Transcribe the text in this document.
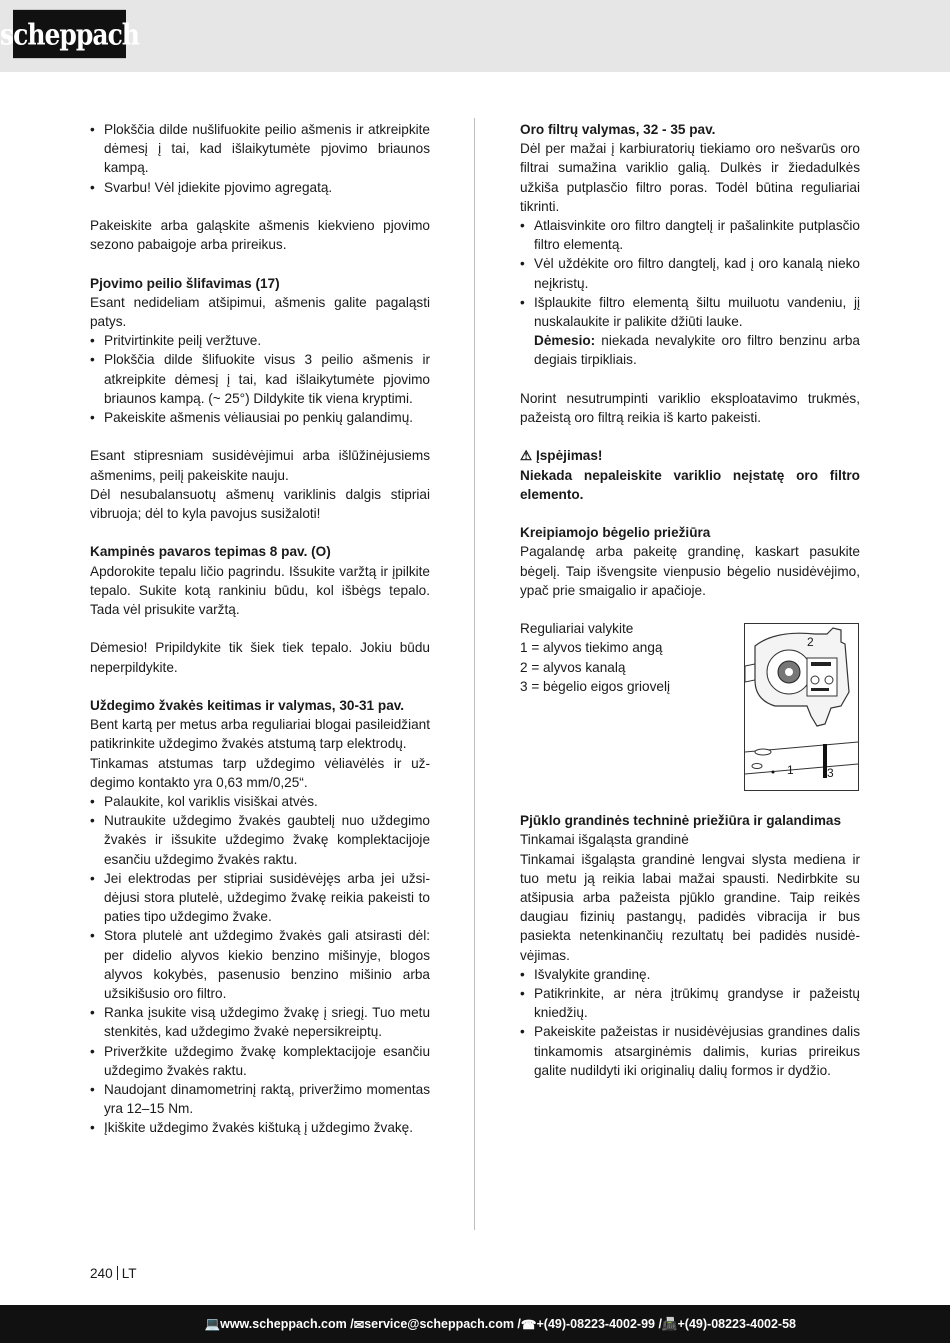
scheppach
• Plokščia dilde nušlifuokite peilio ašmenis ir atkreipkite dėmesį į tai, kad išlaikytumėte pjovimo briaunos kampą.
• Svarbu! Vėl įdiekite pjovimo agregatą.

Pakeiskite arba galąskite ašmenis kiekvieno pjovimo sezono pabaigoje arba prireikus.

Pjovimo peilio šlifavimas (17)

Esant nedideliam atšipimui, ašmenis galite pagaląsti patys.

• Pritvirtinkite peilį veržtuve.
• Plokščia dilde šlifuokite visus 3 peilio ašmenis ir atkreipkite dėmesį į tai, kad išlaikytumėte pjovimo briaunos kampą. (~ 25°) Dildykite tik viena kryptimi.
• Pakeiskite ašmenis vėliausiai po penkių galandimų.

Esant stipresniam susidėvėjimui arba išlūžinėjusiems ašmenims, peilį pakeiskite nauju.

Dėl nesubalansuotų ašmenų variklinis dalgis stipriai vibruoja; dėl to kyla pavojus susižaloti!

Kampinės pavaros tepimas 8 pav. (O)

Apdorokite tepalu ličio pagrindu. Išsukite varžtą ir įpilkite tepalo. Sukite kotą rankiniu būdu, kol išbėgs tepalo. Tada vėl prisukite varžtą.

Dėmesio! Pripildykite tik šiek tiek tepalo. Jokiu būdu neperpildykite.

Uždegimo žvakės keitimas ir valymas, 30-31 pav.

Bent kartą per metus arba reguliariai blogai pasileidžiant patikrinkite uždegimo žvakės atstumą tarp elektrodų.

Tinkamas atstumas tarp uždegimo vėliavėlės ir uždegimo kontakto yra 0,63 mm/0,25“.

• Palaukite, kol variklis visiškai atvės.
• Nutraukite uždegimo žvakės gaubtelį nuo uždegimo žvakės ir išsukite uždegimo žvakę komplektacijoje esančiu uždegimo žvakės raktu.
• Jei elektrodas per stipriai susidėvėjęs arba jei užsidėjusi stora plutelė, uždegimo žvakę reikia pakeisti to paties tipo uždegimo žvake.
• Stora plutelė ant uždegimo žvakės gali atsirasti dėl: per didelio alyvos kiekio benzino mišinyje, blogos alyvos kokybės, pasenusio benzino mišinio arba užsikišusio oro filtro.
• Ranka įsukite visą uždegimo žvakę į sriegį. Tuo metu stenkitės, kad uždegimo žvakė nepersikreiptų.
• Priveržkite uždegimo žvakę komplektacijoje esančiu uždegimo žvakės raktu.
• Naudojant dinamometrinį raktą, priveržimo momentas yra 12–15 Nm.
• Įkiškite uždegimo žvakės kištuką į uždegimo žvakę.

Oro filtrų valymas, 32 - 35 pav.

Dėl per mažai į karbiuratorių tiekiamo oro nešvarūs oro filtrai sumažina variklio galią. Dulkės ir žiedadulkės užkiša putplasčio filtro poras. Todėl būtina reguliariai tikrinti.

• Atlaisvinkite oro filtro dangtelį ir pašalinkite putplasčio filtro elementą.
• Vėl uždėkite oro filtro dangtelį, kad į oro kanalą nieko neįkristų.
• Išplaukite filtro elementą šiltu muiluotu vandeniu, jį nuskalaukite ir palikite džiūti lauke.

Dėmesio: niekada nevalykite oro filtro benzinu arba degiais tirpikliais.

Norint nesutrumpinti variklio eksploatavimo trukmės, pažeistą oro filtrą reikia iš karto pakeisti.

⚠ Įspėjimas!

Niekada nepaleiskite variklio neįstatę oro filtro elemento.

Kreipiamojo bėgelio priežiūra

Pagalandę arba pakeitę grandinę, kaskart pasukite bėgelį. Taip išvengsite vienpusio bėgelio nusidėvėjimo, ypač prie smaigalio ir apačioje.

Reguliariai valykite

1 = alyvos tiekimo angą

2 = alyvos kanalą

3 = bėgelio eigos griovelį

2
1	3

Pjūklo grandinės techninė priežiūra ir galandimas

Tinkamai išgaląsta grandinė

Tinkamai išgaląsta grandinė lengvai slysta mediena ir tuo metu ją reikia labai mažai spausti. Nedirbkite su atšipusia arba pažeista pjūklo grandine. Taip reikės daugiau fizinių pastangų, padidės vibracija ir bus pasiekta netenkinančių rezultatų bei padidės nusidėvėjimas.

• Išvalykite grandinę.
• Patikrinkite, ar nėra įtrūkimų grandyse ir pažeistų kniedžių.
• Pakeiskite pažeistas ir nusidėvėjusias grandines dalis tinkamomis atsarginėmis dalimis, kurias prireikus galite nudildyti iki originalių dalių formos ir dydžio.
240 LT
💻 www.scheppach.com / ✉ service@scheppach.com / ☎ +(49)-08223-4002-99 / 📠 +(49)-08223-4002-58
